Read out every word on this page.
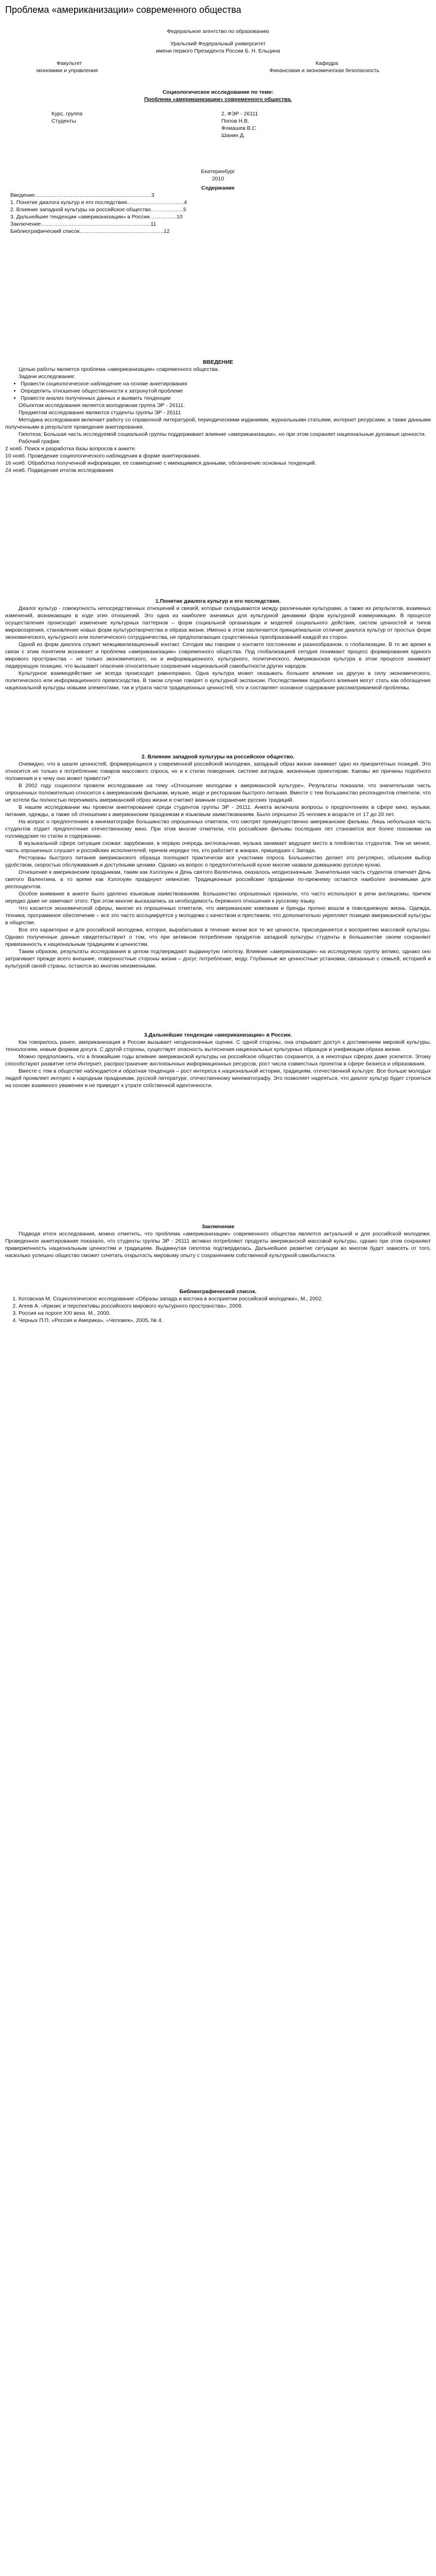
Проблема «американизации» современного общества

Федеральное агентство по образованию

Уральский Федеральный университет

имени первого Президента России Б. Н. Ельцина

Факультет	Кафедра
экономики и управления	Финансовая и экономическая безопасность

Социологическое исследование по теме:

Проблема «американизации» современного общества.

Курс, группа	2, ФЭР - 26111
Студенты	Попов Н.В.
Фомашев В.С
Шанин Д.

Екатеринбург

2010

Содержание

Введение………………………………………………………..3
1. Понятие диалога культур и его последствия…………………………..4
2. Влияние западной культуры на российское общество………………5
3. Дальнейшие тенденции «американизации» в России……………10
Заключение…………………………………………………….11
Библиографический список………………………………………..12

ВВЕДЕНИЕ

Целью работы является проблема «американизации» современного общества.

Задачи исследования:

• Провести социологическое наблюдение на основе анкетирования
• Определить отношение общественности к затронутой проблеме
• Провести анализ полученных данных и выявить тенденции

Объектом исследования является молодежная группа ЭР - 26111.

Предметом исследования являются студенты группы ЭР - 26111

Методика исследования включает работу со справочной литературой, периодическими изданиями, журнальными статьями, интернет ресурсами, а также данными полученными в результате проведения анкетирования.

Гипотеза: Большая часть исследуемой социальной группы поддерживает влияние «американизации», но при этом сохраняет национальные духовные ценности.

Рабочий график:

2 нояб. Поиск и разработка базы вопросов к анкете.

10 нояб. Проведение социологического наблюдения в форме анкетирования.

16 нояб. Обработка полученной информации, ее совмещение с имеющимися данными, обозначение основных тенденций.

24 нояб. Подведение итогов исследования.

1.Понятие диалога культур и его последствия.

Диалог культур - совокупность непосредственных отношений и связей, которые складываются между различными культурами, а также их результатов, взаимных изменений, возникающих в ходе этих отношений. Это одна из наиболее значимых для культурной динамики форм культурной коммуникации. В процессе осуществления происходит изменение культурных паттернов – форм социальной организации и моделей социального действия, систем ценностей и типов мировоззрения, становление новых форм культуротворчества и образа жизни. Именно в этом заключается принципиальное отличие диалога культур от простых форм экономического, культурного или политического сотрудничества, не предполагающих существенных преобразований каждой из сторон.

Одной из форм диалога служит межцивилизационный контакт. Сегодня мы говорим о контакте постоянном и разнообразном, о глобализации. В то же время в связи с этим понятием возникает и проблема «американизации» современного общества. Под глобализацией сегодня понимают процесс формирования единого мирового пространства – не только экономического, но и информационного, культурного, политического. Американская культура в этом процессе занимает лидирующую позицию, что вызывает опасения относительно сохранения национальной самобытности других народов.

Культурное взаимодействие не всегда происходит равноправно. Одна культура может оказывать большее влияние на другую в силу экономического, политического или информационного превосходства. В таком случае говорят о культурной экспансии. Последствиями подобного влияния могут стать как обогащение национальной культуры новыми элементами, так и утрата части традиционных ценностей, что и составляет основное содержание рассматриваемой проблемы.

2. Влияние западной культуры на российское общество.

Очевидно, что в шкале ценностей, формирующихся у современной российской молодежи, западный образ жизни занимает одно из приоритетных позиций. Это относится не только к потреблению товаров массового спроса, но и к стилю поведения, системе взглядов, жизненным ориентирам. Каковы же причины подобного положения и к чему оно может привести?

В 2002 году социологи провели исследование на тему «Отношение молодежи к американской культуре». Результаты показали, что значительная часть опрошенных положительно относится к американским фильмам, музыке, моде и ресторанам быстрого питания. Вместе с тем большинство респондентов отметили, что не хотели бы полностью перенимать американский образ жизни и считают важным сохранение русских традиций.

В нашем исследовании мы провели анкетирование среди студентов группы ЭР - 26111. Анкета включала вопросы о предпочтениях в сфере кино, музыки, питания, одежды, а также об отношении к американским праздникам и языковым заимствованиям. Было опрошено 25 человек в возрасте от 17 до 20 лет.

На вопрос о предпочтениях в кинематографе большинство опрошенных ответили, что смотрят преимущественно американские фильмы. Лишь небольшая часть студентов отдает предпочтение отечественному кино. При этом многие отметили, что российские фильмы последних лет становятся все более похожими на голливудские по стилю и содержанию.

В музыкальной сфере ситуация схожая: зарубежная, в первую очередь англоязычная, музыка занимает ведущее место в плейлистах студентов. Тем не менее, часть опрошенных слушает и российских исполнителей, причем нередко тех, кто работает в жанрах, пришедших с Запада.

Рестораны быстрого питания американского образца посещают практически все участники опроса. Большинство делает это регулярно, объясняя выбор удобством, скоростью обслуживания и доступными ценами. Однако на вопрос о предпочтительной кухне многие назвали домашнюю русскую кухню.

Отношение к американским праздникам, таким как Хэллоуин и День святого Валентина, оказалось неоднозначным. Значительная часть студентов отмечает День святого Валентина, в то время как Хэллоуин празднуют немногие. Традиционные российские праздники по-прежнему остаются наиболее значимыми для респондентов.

Особое внимание в анкете было уделено языковым заимствованиям. Большинство опрошенных признали, что часто используют в речи англицизмы, причем нередко даже не замечают этого. При этом многие высказались за необходимость бережного отношения к русскому языку.

Что касается экономической сферы, многие из опрошенных отметили, что американские компании и бренды прочно вошли в повседневную жизнь. Одежда, техника, программное обеспечение – все это часто ассоциируется у молодежи с качеством и престижем, что дополнительно укрепляет позиции американской культуры в обществе.

Все это характерно и для российской молодежи, которая, вырабатывая в течение жизни все те же ценности, присоединяется к восприятию массовой культуры. Однако полученные данные свидетельствуют о том, что при активном потреблении продуктов западной культуры студенты в большинстве своем сохраняют привязанность к национальным традициям и ценностям.

Таким образом, результаты исследования в целом подтверждают выдвинутую гипотезу. Влияние «американизации» на исследуемую группу велико, однако оно затрагивает прежде всего внешние, поверхностные стороны жизни – досуг, потребление, моду. Глубинные же ценностные установки, связанные с семьей, историей и культурой своей страны, остаются во многом неизменными.

3.Дальнейшие тенденции «американизации» в России.

Как говорилось ранее, американизация в России вызывает неоднозначные оценки. С одной стороны, она открывает доступ к достижениям мировой культуры, технологиям, новым формам досуга. С другой стороны, существует опасность вытеснения национальных культурных образцов и унификации образа жизни.

Можно предположить, что в ближайшие годы влияние американской культуры на российское общество сохранится, а в некоторых сферах даже усилится. Этому способствуют развитие сети Интернет, распространение англоязычных информационных ресурсов, рост числа совместных проектов в сфере бизнеса и образования.

Вместе с тем в обществе наблюдается и обратная тенденция – рост интереса к национальной истории, традициям, отечественной культуре. Все больше молодых людей проявляет интерес к народным праздникам, русской литературе, отечественному кинематографу. Это позволяет надеяться, что диалог культур будет строиться на основе взаимного уважения и не приведет к утрате собственной идентичности.

Заключение

Подводя итоги исследования, можно отметить, что проблема «американизации» современного общества является актуальной и для российской молодежи. Проведенное анкетирование показало, что студенты группы ЭР - 26111 активно потребляют продукты американской массовой культуры, однако при этом сохраняют приверженность национальным ценностям и традициям. Выдвинутая гипотеза подтвердилась. Дальнейшее развитие ситуации во многом будет зависеть от того, насколько успешно общество сможет сочетать открытость мировому опыту с сохранением собственной культурной самобытности.

Библиографический список.

1. Котовская М. Социологическое исследование «Образы запада и востока в восприятии российской молодежи», М., 2002.
2. Агеев А. «Кризис и перспективы российского мирового культурного пространства», 2008.
3. Россия на пороге XXI века. М., 2000.
4. Черных П.П. «Россия и Америка», «Человек», 2005, № 4.
